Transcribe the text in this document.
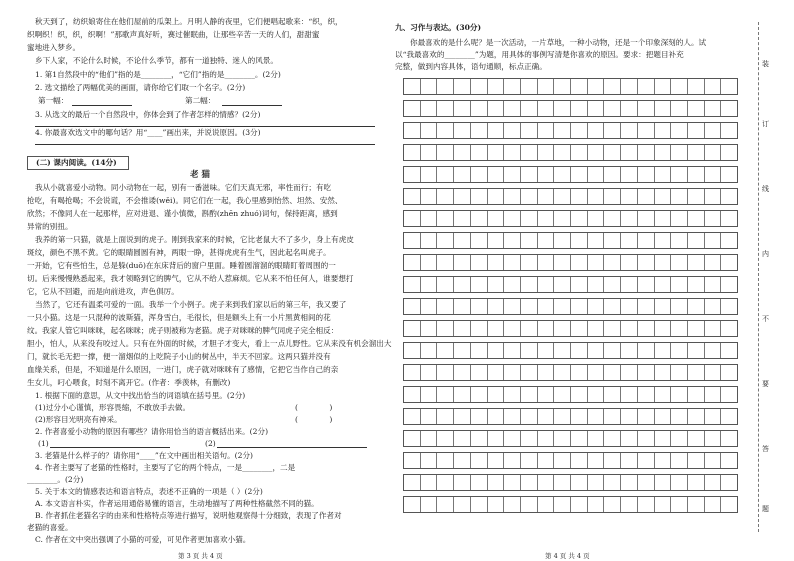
秋天到了，纺织娘寄住在他们屋前的瓜架上。月明人静的夜里，它们便唱起歌来：“织，织，
织啊织！织，织，织啊！”那歌声真好听，赛过催眠曲，让那些辛苦一天的人们，甜甜蜜
蜜地进入梦乡。
乡下人家，不论什么时候，不论什么季节，都有一道独特、迷人的风景。
1. 第1自然段中的“他们”指的是________，“它们”指的是________。(2分)
2. 选文描绘了两幅优美的画面，请你给它们取一个名字。(2分)
第一幅：	第二幅：
3. 从选文的最后一个自然段中，你体会到了作者怎样的情感？(2分)
4. 你最喜欢选文中的哪句话？用“____”画出来，并说说原因。(3分)
(二) 课内阅读。(14分)
老 猫
我从小就喜爱小动物。同小动物在一起，别有一番滋味。它们天真无邪，率性而行；有吃
抢吃，有喝抢喝；不会说谎，不会推诿(wěi)。同它们在一起，我心里感到怡然、坦然、安然、
欣然；不像同人在一起那样，应对进退、谨小慎微，斟酌(zhēn zhuó)词句，保持距离，感到
异常的别扭。
我养的第一只猫，就是上面说到的虎子。刚到我家来的时候，它比老鼠大不了多少，身上有虎皮
斑纹，颜色不黑不黄。它的眼睛圆圆有神，两眼一睁，甚得虎虎有生气，因此起名叫虎子。
一开始，它有些怕生，总是躲(duǒ)在东床背后的窗户里面。睡着圆溜溜的眼睛盯着周围的一
切。后来慢慢熟悉起来，我才领略到它的脾气，它从不给人惹麻烦。它从来不怕任何人，谁要想打
它，它从不回避，而是向前进攻，声色俱厉。
当然了，它还有温柔可爱的一面。我举一个小例子。虎子来到我们家以后的第三年，我又要了
一只小猫。这是一只混种的波斯猫，浑身雪白，毛很长，但是额头上有一小片黑黄相间的花
纹。我家人管它叫咪咪，起名咪咪；虎子则被称为老猫。虎子对咪咪的脾气同虎子完全相反：
胆小，怕人，从来没有咬过人。只有在外面的时候，才胆子才变大，看上一点儿野性。它从来没有机会溜出大
门，就长毛无把一撑，便一溜烟似的上吃院子小山的树丛中，半天不回家。这两只猫并没有
血缘关系，但是，不知道是什么原因，一进门，虎子就对咪咪有了感情，它把它当作自己的亲
生女儿，叼心喂食，时刻不离开它。(作者：季羡林，有删改)
1. 根据下面的意思，从文中找出恰当的词语填在括号里。(2分)
(1)过分小心谨慎，形容畏缩，不敢放手去做。	(             )
(2)形容目光明亮有神采。	(             )
2. 作者喜爱小动物的原因有哪些？请你用恰当的语言概括出来。(2分)
(1)	(2)
3. 老猫是什么样子的？请你用“____”在文中画出相关语句。(2分)
4. 作者主要写了老猫的性格时，主要写了它的两个特点，一是________，二是
________。(2分)
5. 关于本文的情感表达和语言特点，表述不正确的一项是（ ）(2分)
A. 本文语言朴实，作者运用通俗易懂的语言，生动地描写了两种性格截然不同的猫。
B. 作者抓住老猫名字的由来和性格特点等进行描写，说明他观察得十分细致，表现了作者对
老猫的喜爱。
C. 作者在文中突出强调了小猫的可爱，可见作者更加喜欢小猫。
第 3 页 共 4 页
九、习作与表达。(30分)
你最喜欢的是什么呢？是一次活动，一片草地，一种小动物，还是一个印象深刻的人。试
以“我最喜欢的________”为题，用具体的事例写清楚你喜欢的原因。要求：把题目补充
完整，做到内容具体，语句通顺，标点正确。
第 4 页 共 4 页
装
订
线
内
不
要
答
题
